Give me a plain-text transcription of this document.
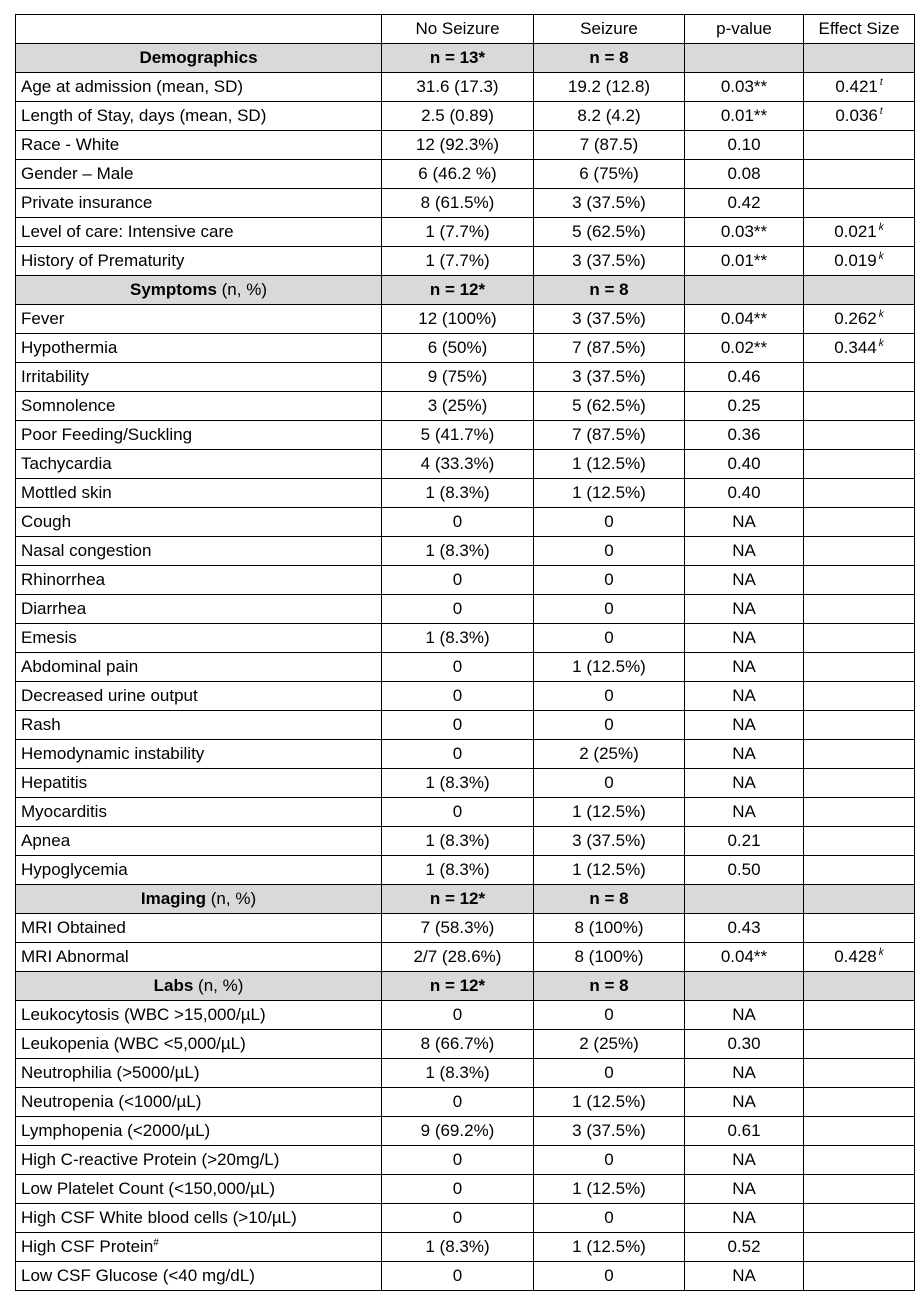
	No Seizure	Seizure	p-value	Effect Size
Demographics	n = 13*	n = 8		
Age at admission (mean, SD)	31.6 (17.3)	19.2 (12.8)	0.03**	0.421 $^t$
Length of Stay, days (mean, SD)	2.5 (0.89)	8.2 (4.2)	0.01**	0.036 $^t$
Race - White	12 (92.3%)	7 (87.5)	0.10	
Gender – Male	6 (46.2 %)	6 (75%)	0.08	
Private insurance	8 (61.5%)	3 (37.5%)	0.42	
Level of care: Intensive care	1 (7.7%)	5 (62.5%)	0.03**	0.021 $^k$
History of Prematurity	1 (7.7%)	3 (37.5%)	0.01**	0.019 $^k$
Symptoms (n, %)	n = 12*	n = 8		
Fever	12 (100%)	3 (37.5%)	0.04**	0.262 $^k$
Hypothermia	6 (50%)	7 (87.5%)	0.02**	0.344 $^k$
Irritability	9 (75%)	3 (37.5%)	0.46	
Somnolence	3 (25%)	5 (62.5%)	0.25	
Poor Feeding/Suckling	5 (41.7%)	7 (87.5%)	0.36	
Tachycardia	4 (33.3%)	1 (12.5%)	0.40	
Mottled skin	1 (8.3%)	1 (12.5%)	0.40	
Cough	0	0	NA	
Nasal congestion	1 (8.3%)	0	NA	
Rhinorrhea	0	0	NA	
Diarrhea	0	0	NA	
Emesis	1 (8.3%)	0	NA	
Abdominal pain	0	1 (12.5%)	NA	
Decreased urine output	0	0	NA	
Rash	0	0	NA	
Hemodynamic instability	0	2 (25%)	NA	
Hepatitis	1 (8.3%)	0	NA	
Myocarditis	0	1 (12.5%)	NA	
Apnea	1 (8.3%)	3 (37.5%)	0.21	
Hypoglycemia	1 (8.3%)	1 (12.5%)	0.50	
Imaging (n, %)	n = 12*	n = 8		
MRI Obtained	7 (58.3%)	8 (100%)	0.43	
MRI Abnormal	2/7 (28.6%)	8 (100%)	0.04**	0.428 $^k$
Labs (n, %)	n = 12*	n = 8		
Leukocytosis (WBC >15,000/µL)	0	0	NA	
Leukopenia (WBC <5,000/µL)	8 (66.7%)	2 (25%)	0.30	
Neutrophilia (>5000/µL)	1 (8.3%)	0	NA	
Neutropenia (<1000/µL)	0	1 (12.5%)	NA	
Lymphopenia (<2000/µL)	9 (69.2%)	3 (37.5%)	0.61	
High C-reactive Protein (>20mg/L)	0	0	NA	
Low Platelet Count (<150,000/µL)	0	1 (12.5%)	NA	
High CSF White blood cells (>10/µL)	0	0	NA	
High CSF Protein#	1 (8.3%)	1 (12.5%)	0.52	
Low CSF Glucose (<40 mg/dL)	0	0	NA	
